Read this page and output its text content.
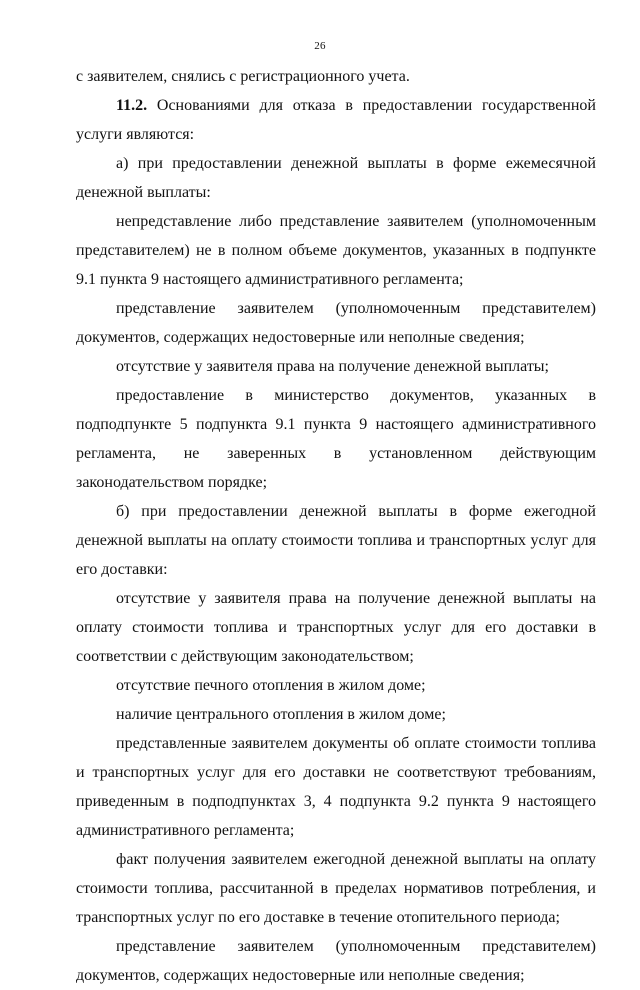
26

с заявителем, снялись с регистрационного учета.

11.2. Основаниями для отказа в предоставлении государственной услуги являются:

а) при предоставлении денежной выплаты в форме ежемесячной денежной выплаты:

непредставление либо представление заявителем (уполномоченным представителем) не в полном объеме документов, указанных в подпункте 9.1 пункта 9 настоящего административного регламента;

представление заявителем (уполномоченным представителем) документов, содержащих недостоверные или неполные сведения;

отсутствие у заявителя права на получение денежной выплаты;

предоставление в министерство документов, указанных в подподпункте 5 подпункта 9.1 пункта 9 настоящего административного регламента, не заверенных в установленном действующим законодательством порядке;

б) при предоставлении денежной выплаты в форме ежегодной денежной выплаты на оплату стоимости топлива и транспортных услуг для его доставки:

отсутствие у заявителя права на получение денежной выплаты на оплату стоимости топлива и транспортных услуг для его доставки в соответствии с действующим законодательством;

отсутствие печного отопления в жилом доме;

наличие центрального отопления в жилом доме;

представленные заявителем документы об оплате стоимости топлива и транспортных услуг для его доставки не соответствуют требованиям, приведенным в подподпунктах 3, 4 подпункта 9.2 пункта 9 настоящего административного регламента;

факт получения заявителем ежегодной денежной выплаты на оплату стоимости топлива, рассчитанной в пределах нормативов потребления, и транспортных услуг по его доставке в течение отопительного периода;

представление заявителем (уполномоченным представителем) документов, содержащих недостоверные или неполные сведения;
